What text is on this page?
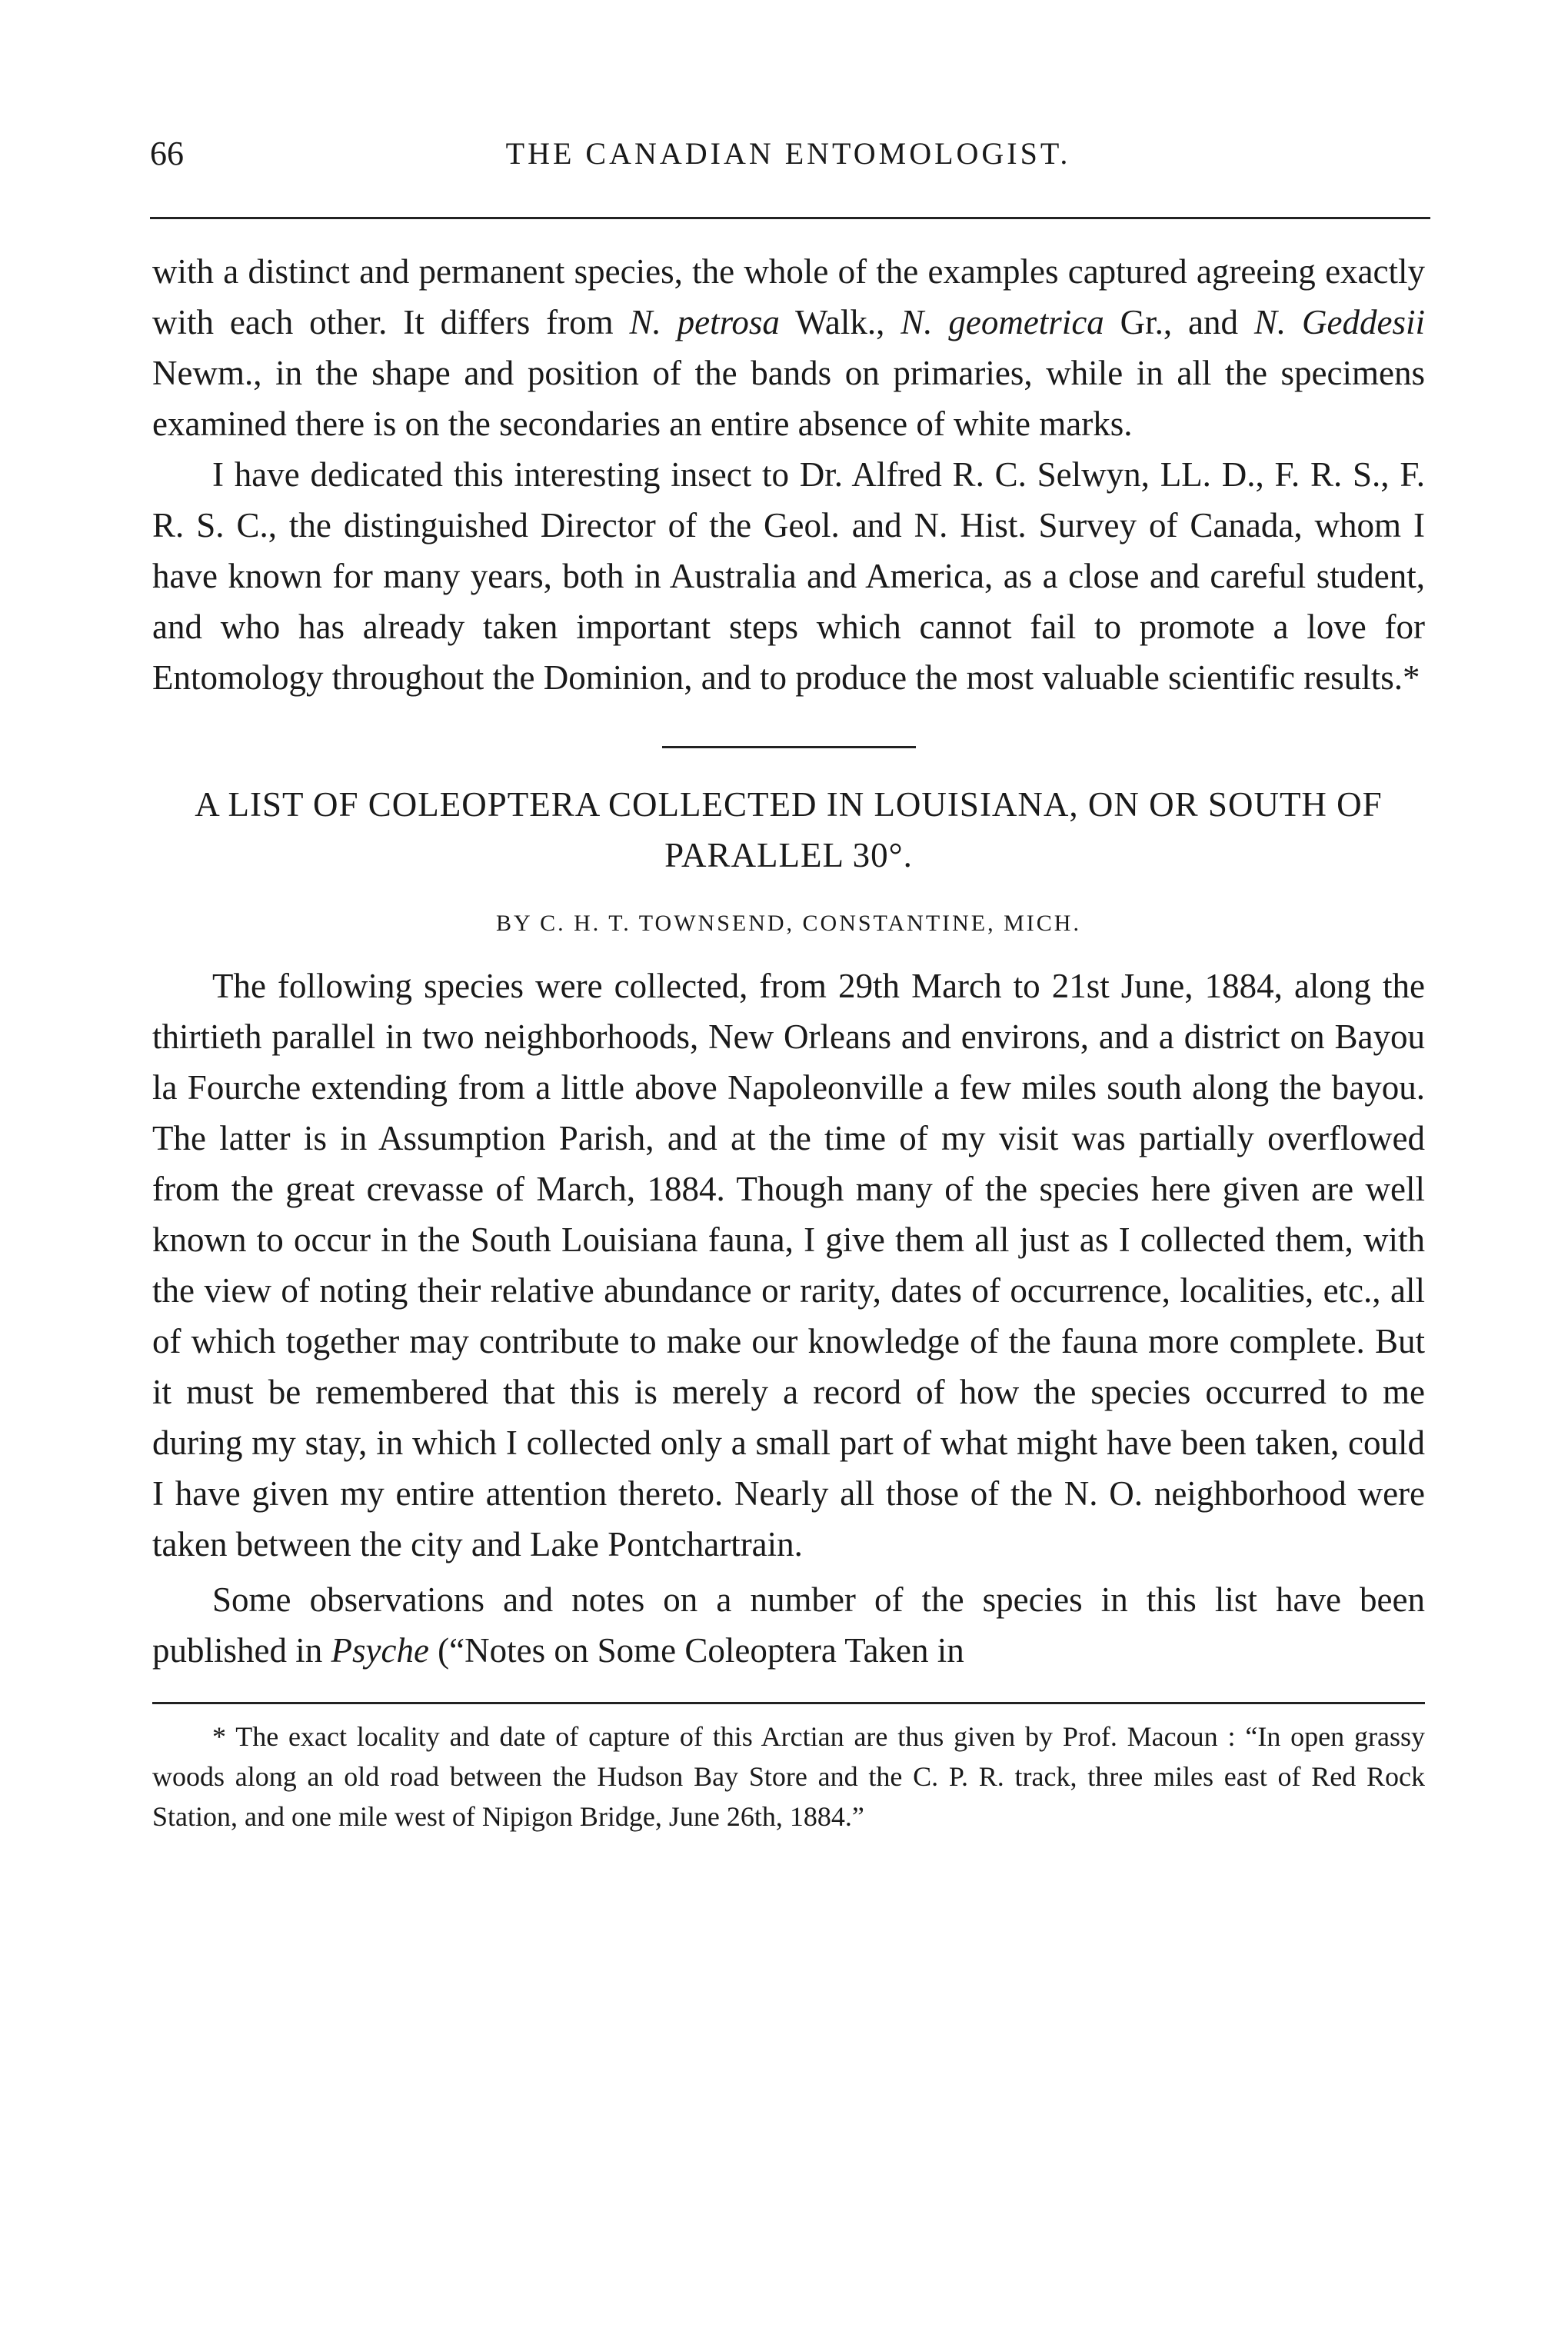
66	THE CANADIAN ENTOMOLOGIST.

with a distinct and permanent species, the whole of the examples captured agreeing exactly with each other. It differs from N. petrosa Walk., N. geometrica Gr., and N. Geddesii Newm., in the shape and position of the bands on primaries, while in all the specimens examined there is on the secondaries an entire absence of white marks.

I have dedicated this interesting insect to Dr. Alfred R. C. Selwyn, LL. D., F. R. S., F. R. S. C., the distinguished Director of the Geol. and N. Hist. Survey of Canada, whom I have known for many years, both in Australia and America, as a close and careful student, and who has already taken important steps which cannot fail to promote a love for Entomology throughout the Dominion, and to produce the most valuable scientific results.*

A LIST OF COLEOPTERA COLLECTED IN LOUISIANA, ON OR SOUTH OF PARALLEL 30°.
BY C. H. T. TOWNSEND, CONSTANTINE, MICH.

The following species were collected, from 29th March to 21st June, 1884, along the thirtieth parallel in two neighborhoods, New Orleans and environs, and a district on Bayou la Fourche extending from a little above Napoleonville a few miles south along the bayou. The latter is in Assumption Parish, and at the time of my visit was partially overflowed from the great crevasse of March, 1884. Though many of the species here given are well known to occur in the South Louisiana fauna, I give them all just as I collected them, with the view of noting their relative abundance or rarity, dates of occurrence, localities, etc., all of which together may contribute to make our knowledge of the fauna more complete. But it must be remembered that this is merely a record of how the species occurred to me during my stay, in which I collected only a small part of what might have been taken, could I have given my entire attention thereto. Nearly all those of the N. O. neighborhood were taken between the city and Lake Pontchartrain.

Some observations and notes on a number of the species in this list have been published in Psyche (“Notes on Some Coleoptera Taken in

* The exact locality and date of capture of this Arctian are thus given by Prof. Macoun : “In open grassy woods along an old road between the Hudson Bay Store and the C. P. R. track, three miles east of Red Rock Station, and one mile west of Nipigon Bridge, June 26th, 1884.”
